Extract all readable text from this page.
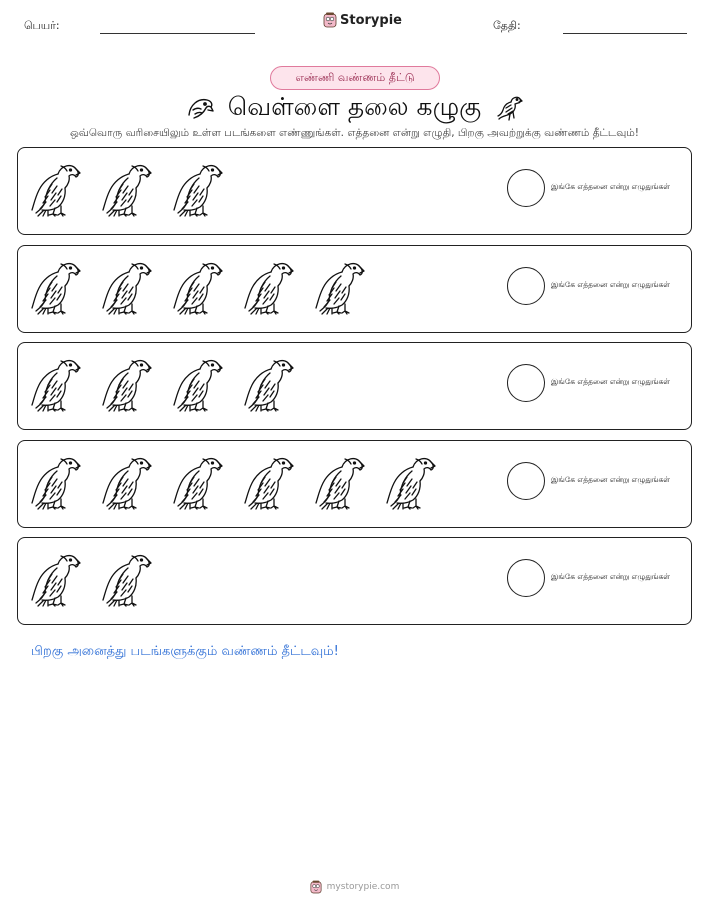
பெயர்:	Storypie	தேதி:
எண்ணி வண்ணம் தீட்டு
வெள்ளை தலை கழுகு
ஒவ்வொரு வரிசையிலும் உள்ள படங்களை எண்ணுங்கள். எத்தனை என்று எழுதி, பிறகு அவற்றுக்கு வண்ணம் தீட்டவும்!
இங்கே எத்தனை என்று எழுதுங்கள்
இங்கே எத்தனை என்று எழுதுங்கள்
இங்கே எத்தனை என்று எழுதுங்கள்
இங்கே எத்தனை என்று எழுதுங்கள்
இங்கே எத்தனை என்று எழுதுங்கள்
பிறகு அனைத்து படங்களுக்கும் வண்ணம் தீட்டவும்!
mystorypie.com
